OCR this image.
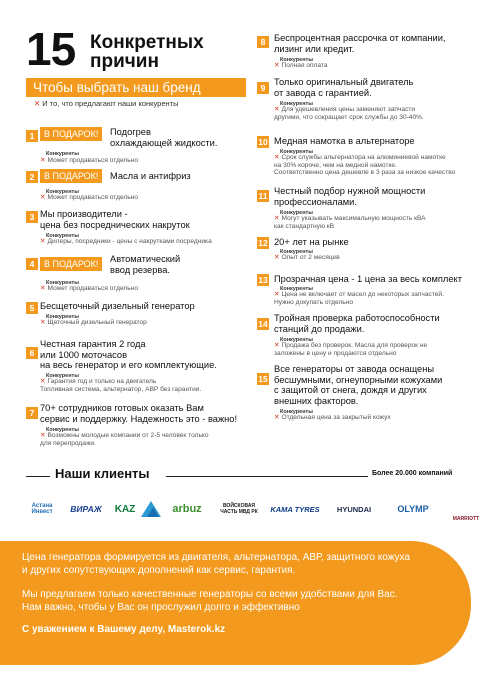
15 Конкретных
причин
Чтобы выбрать наш бренд
✕ И то, что предлагают наши конкуренты
1	В ПОДАРОК!	Подогрев
охлаждающей жидкости.
Конкуренты
✕ Может продаваться отдельно
2	В ПОДАРОК!	Масла и антифриз
Конкуренты
✕ Может продаваться отдельно
3 Мы производители -
цена без посреднических накруток
Конкуренты
✕ Дилеры, посредники - цены с накрутками посредника
4	В ПОДАРОК!	Автоматический
ввод резерва.
Конкуренты
✕ Может продаваться отдельно
5 Бесщеточный дизельный генератор
Конкуренты
✕ Щеточный дизельный генератор
6
Честная гарантия 2 года
или 1000 моточасов
на весь генератор и его комплектующие.
Конкуренты
✕ Гарантия год и только на двигатель
Топливная система, альтернатор, АВР без гарантии.
7 70+ сотрудников готовых оказать Вам
сервис и поддержку. Надежность это - важно!
Конкуренты
✕ Возможны молодые компании от 2-5 человек только
для перепродажи.
8 Беспроцентная рассрочка от компании,
лизинг или кредит.
Конкуренты
✕ Полная оплата
9
Только оригинальный двигатель
от завода с гарантией.
Конкуренты
✕ Для удешевления цены заменяют запчасти
другими, что сокращает срок службы до 30-40%.
10 Медная намотка в альтернаторе
Конкуренты
✕ Срок службы альтернатора на алюминиевой намотке
на 30% короче, чем на медной намотке.
Соответственно цена дешевле в 3 раза за низкое качество
11 Честный подбор нужной мощности
профессионалами.
Конкуренты
✕ Могут указывать максимальную мощность кВА
как стандартную кВ
12 20+ лет на рынке
Конкуренты
✕ Опыт от 2 месяцев
13 Прозрачная цена - 1 цена за весь комплект
Конкуренты
✕ Цена не включает от масел до некоторых запчастей.
Нужно докупать отдельно
14
Тройная проверка работоспособности
станций до продажи.
Конкуренты
✕ Продажа без проверок. Масла для проверок не
заложены в цену и продаются отдельно
15
Все генераторы от завода оснащены
бесшумными, огнеупорными кожухами
с защитой от снега, дождя и других
внешних факторов.
Конкуренты
✕ Отдельная цена за закрытый кожух
Наши клиенты	Более 20.000 компаний
Астана
Инвест	ВИРАЖ	KAZ	arbuz	ВОЙСКОВАЯ
ЧАСТЬ МВД РК	KAMA TYRES	HYUNDAI	OLYMP
MARRIOTT
Цена генератора формируется из двигателя, альтернатора, АВР, защитного кожуха
и других сопутствующих дополнений как сервис, гарантия.
Мы предлагаем только качественные генераторы со всеми удобствами для Вас.
Нам важно, чтобы у Вас он прослужил долго и эффективно
С уважением к Вашему делу, Masterok.kz
